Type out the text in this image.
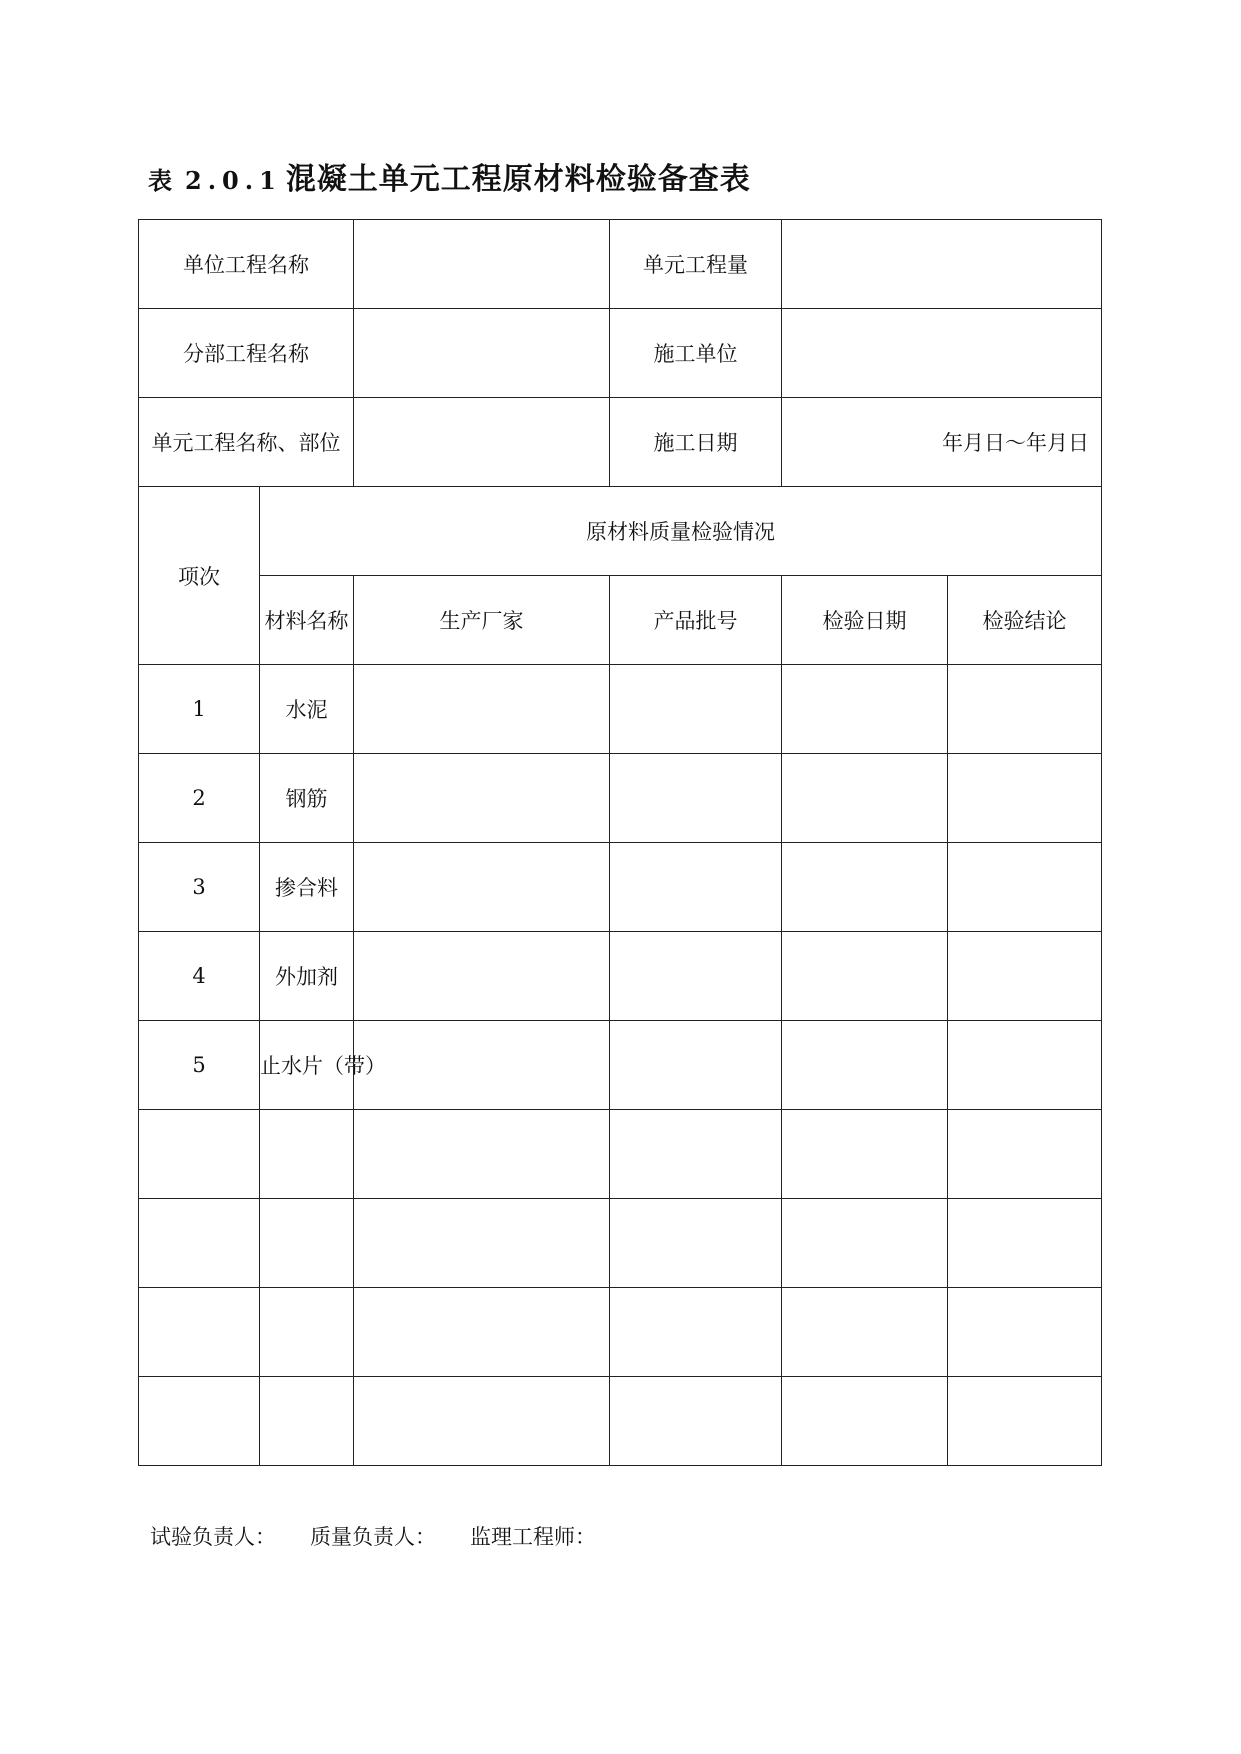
表 2.0.1 混凝土单元工程原材料检验备查表
单位工程名称			单元工程量		
分部工程名称			施工单位		
单元工程名称、部位			施工日期	年月日～年月日	
项次	原材料质量检验情况				
	材料名称	生产厂家	产品批号	检验日期	检验结论
1	水泥				
2	钢筋				
3	掺合料				
4	外加剂				
5	止水片（带）				

试验负责人： 质量负责人： 监理工程师：
